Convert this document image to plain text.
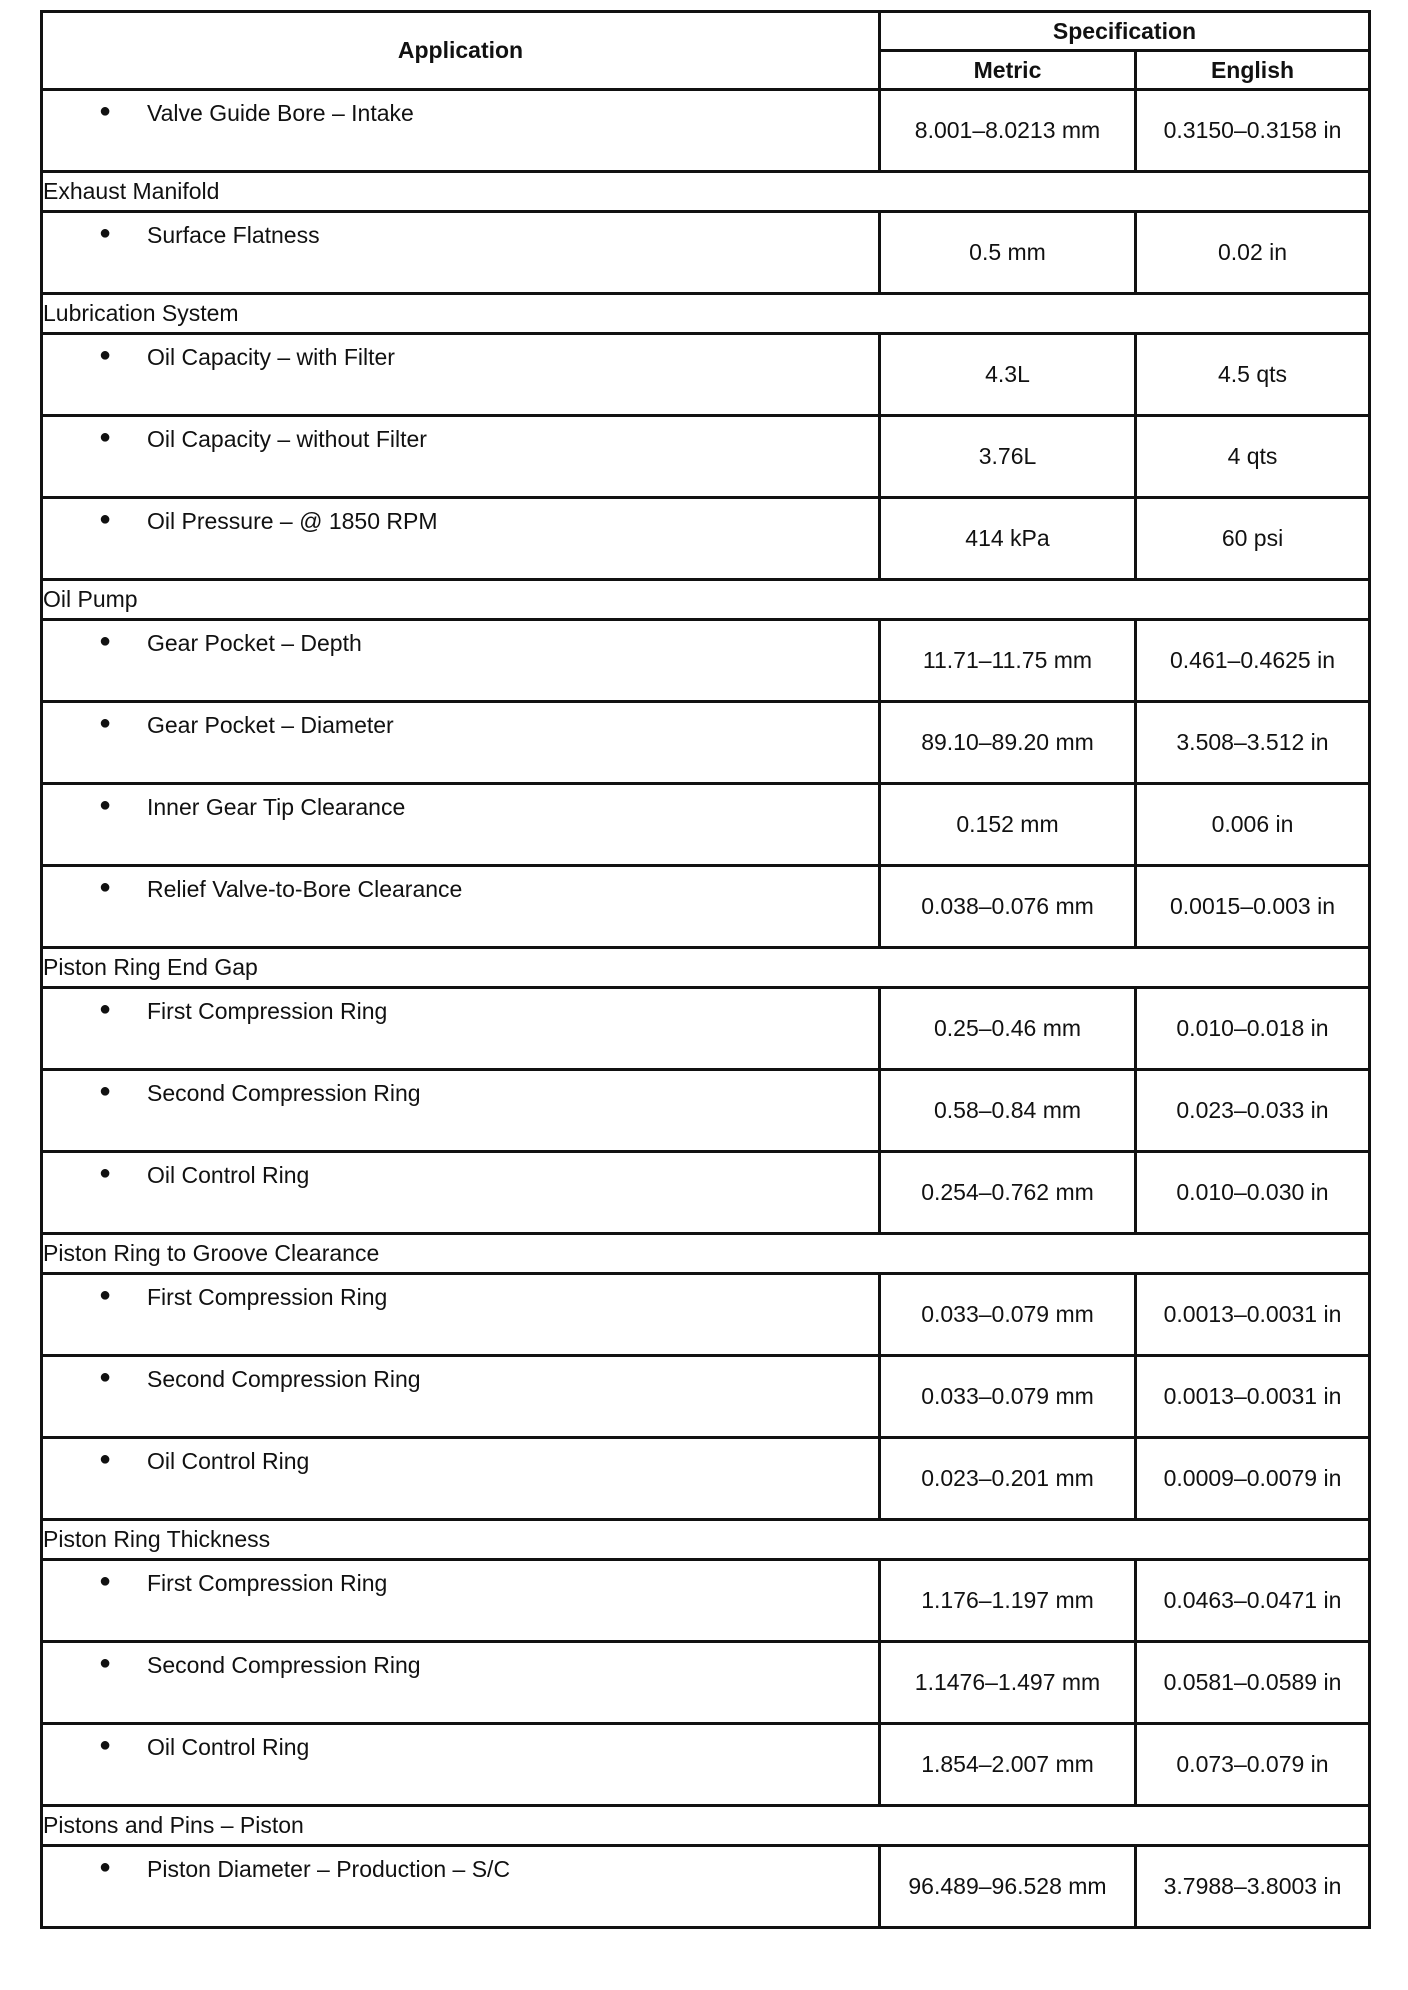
Application	Specification	
	Metric	English

● Valve Guide Bore – Intake	8.001–8.0213 mm	0.3150–0.3158 in
Exhaust Manifold		

● Surface Flatness	0.5 mm	0.02 in
Lubrication System		

● Oil Capacity – with Filter	4.3L	4.5 qts

● Oil Capacity – without Filter	3.76L	4 qts

● Oil Pressure – @ 1850 RPM	414 kPa	60 psi
Oil Pump		

● Gear Pocket – Depth	11.71–11.75 mm	0.461–0.4625 in

● Gear Pocket – Diameter	89.10–89.20 mm	3.508–3.512 in

● Inner Gear Tip Clearance	0.152 mm	0.006 in

● Relief Valve-to-Bore Clearance	0.038–0.076 mm	0.0015–0.003 in
Piston Ring End Gap		

● First Compression Ring	0.25–0.46 mm	0.010–0.018 in

● Second Compression Ring	0.58–0.84 mm	0.023–0.033 in

● Oil Control Ring	0.254–0.762 mm	0.010–0.030 in
Piston Ring to Groove Clearance		

● First Compression Ring	0.033–0.079 mm	0.0013–0.0031 in

● Second Compression Ring	0.033–0.079 mm	0.0013–0.0031 in

● Oil Control Ring	0.023–0.201 mm	0.0009–0.0079 in
Piston Ring Thickness		

● First Compression Ring	1.176–1.197 mm	0.0463–0.0471 in

● Second Compression Ring	1.1476–1.497 mm	0.0581–0.0589 in

● Oil Control Ring	1.854–2.007 mm	0.073–0.079 in
Pistons and Pins – Piston		

● Piston Diameter – Production – S/C	96.489–96.528 mm	3.7988–3.8003 in
